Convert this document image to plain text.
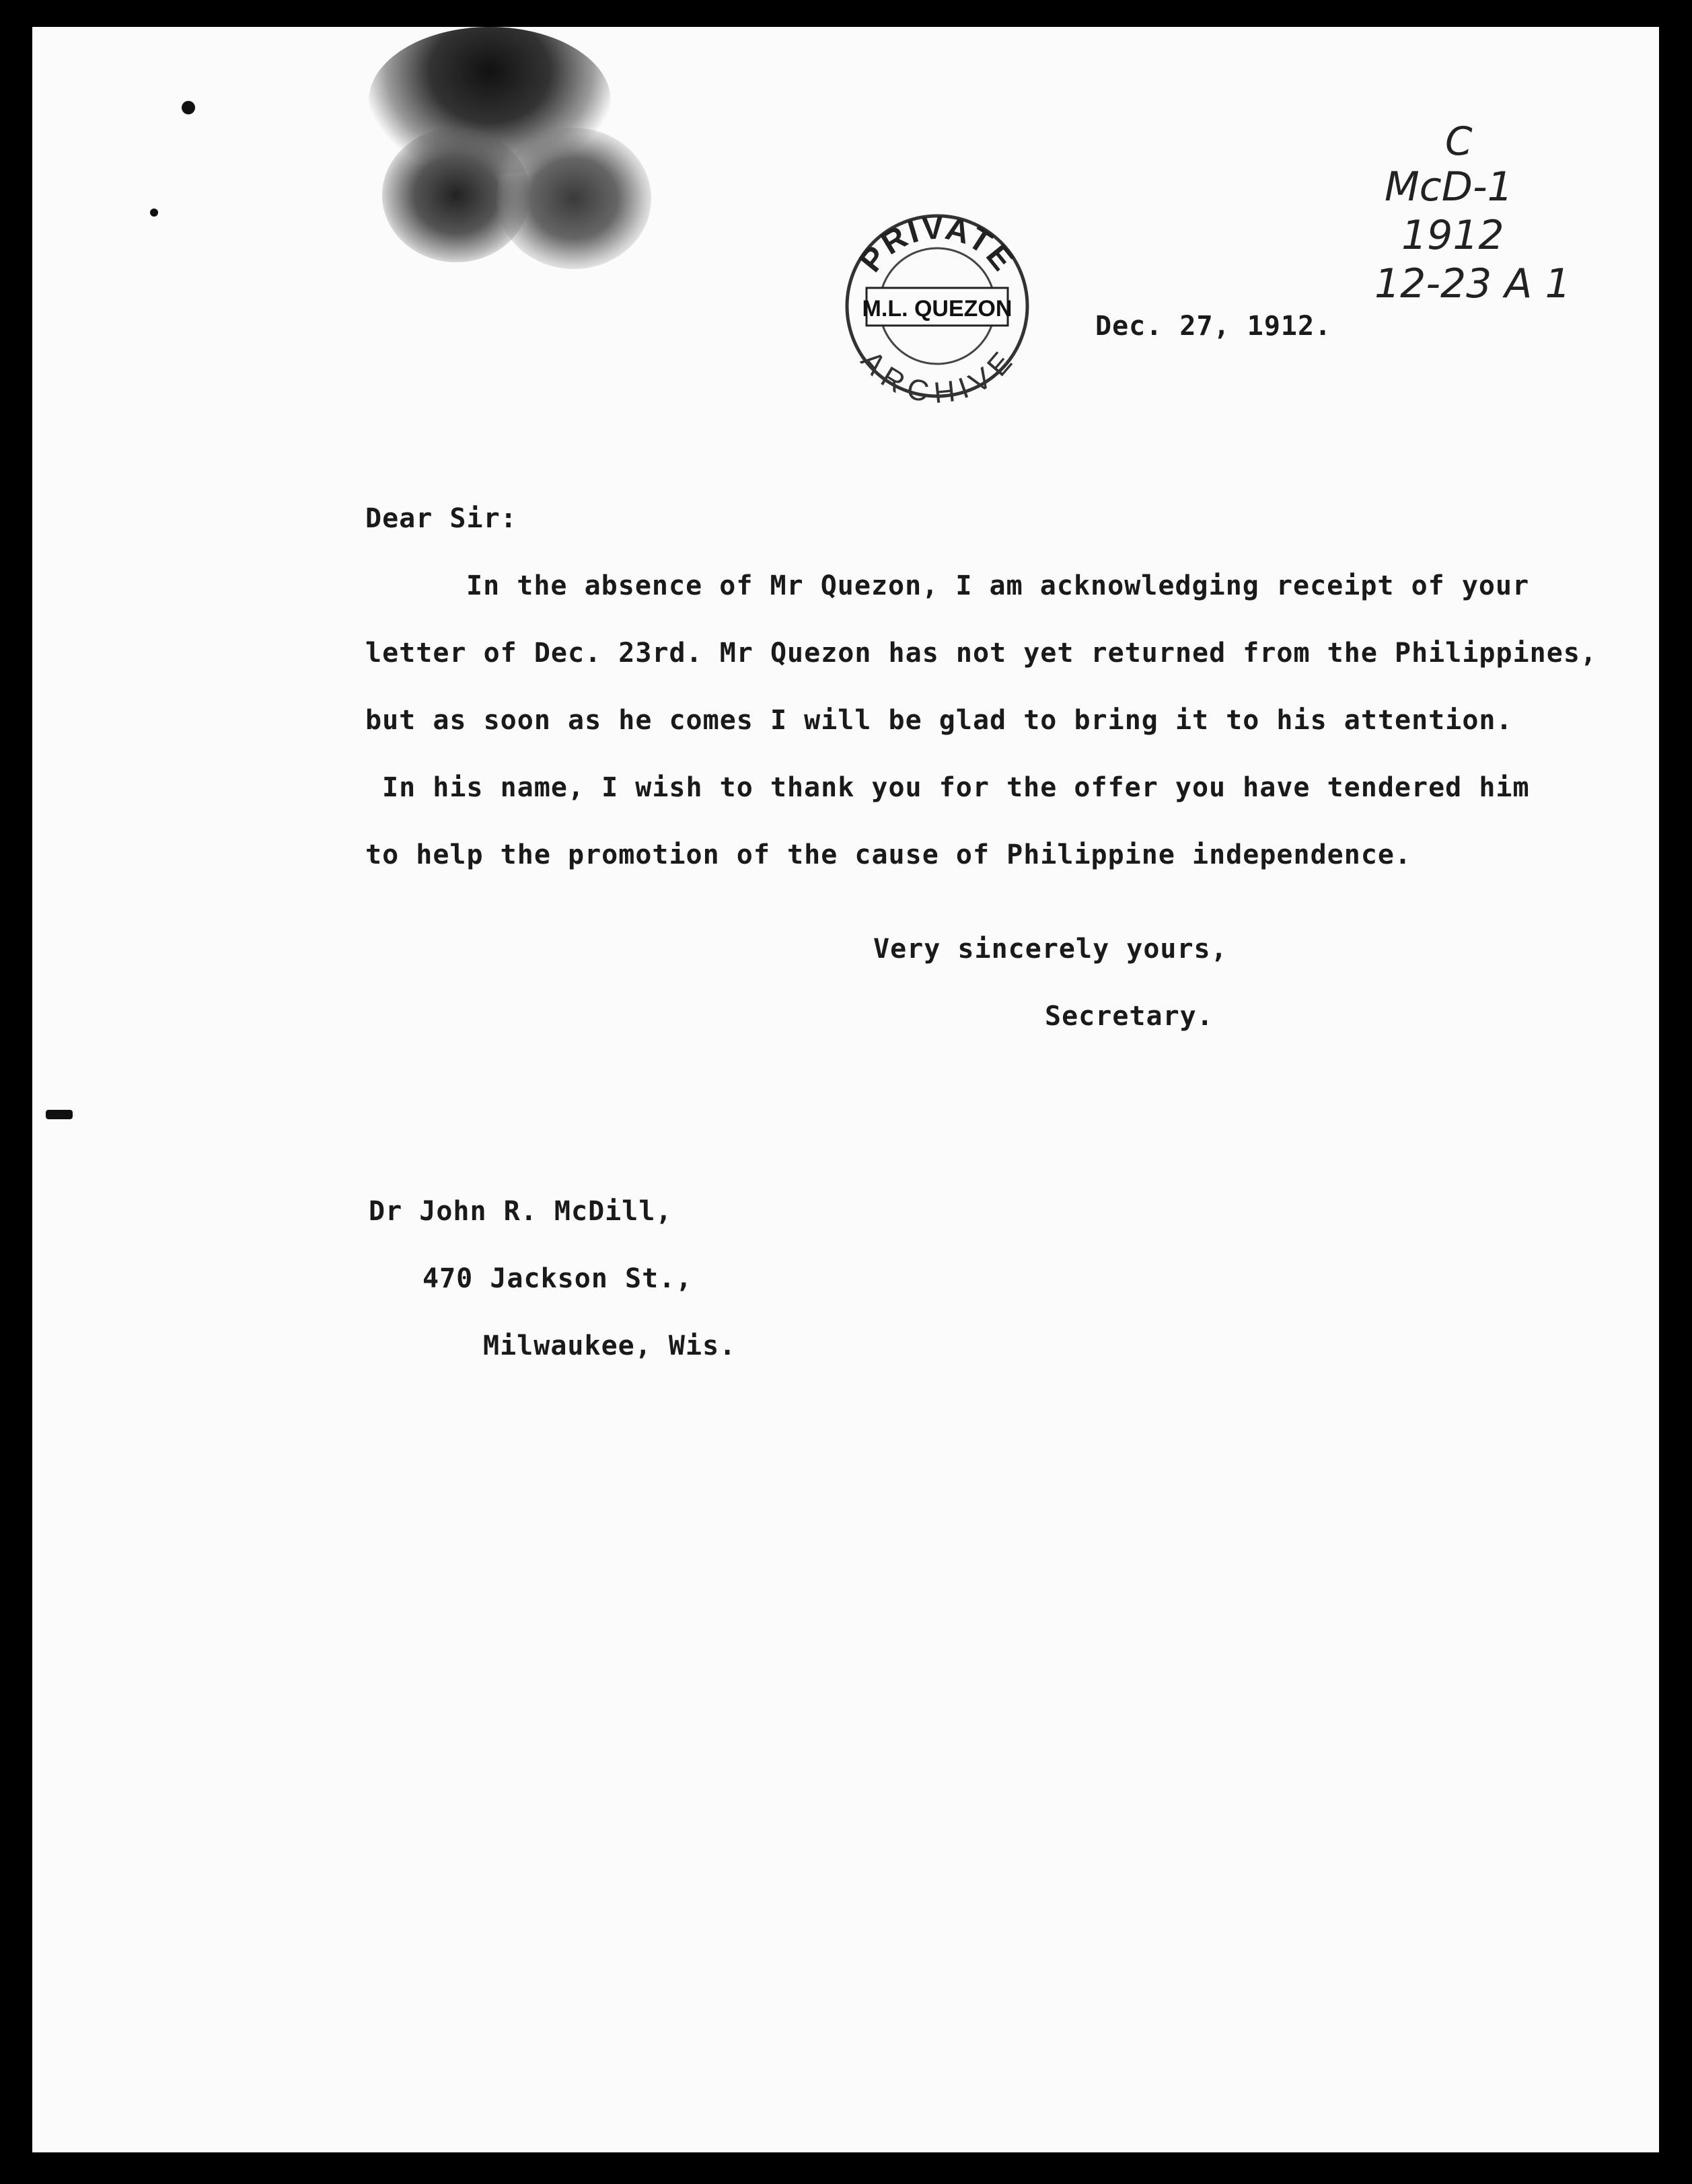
PRIVATE
M.L. QUEZON
ARCHIVE
C
McD-1
1912
12-23 A 1

Dec. 27, 1912.

Dear Sir:

In the absence of Mr Quezon, I am acknowledging receipt of your

letter of Dec. 23rd. Mr Quezon has not yet returned from the Philippines,

but as soon as he comes I will be glad to bring it to his attention.

In his name, I wish to thank you for the offer you have tendered him

to help the promotion of the cause of Philippine independence.

Very sincerely yours,

Secretary.

Dr John R. McDill,

470 Jackson St.,

Milwaukee, Wis.
